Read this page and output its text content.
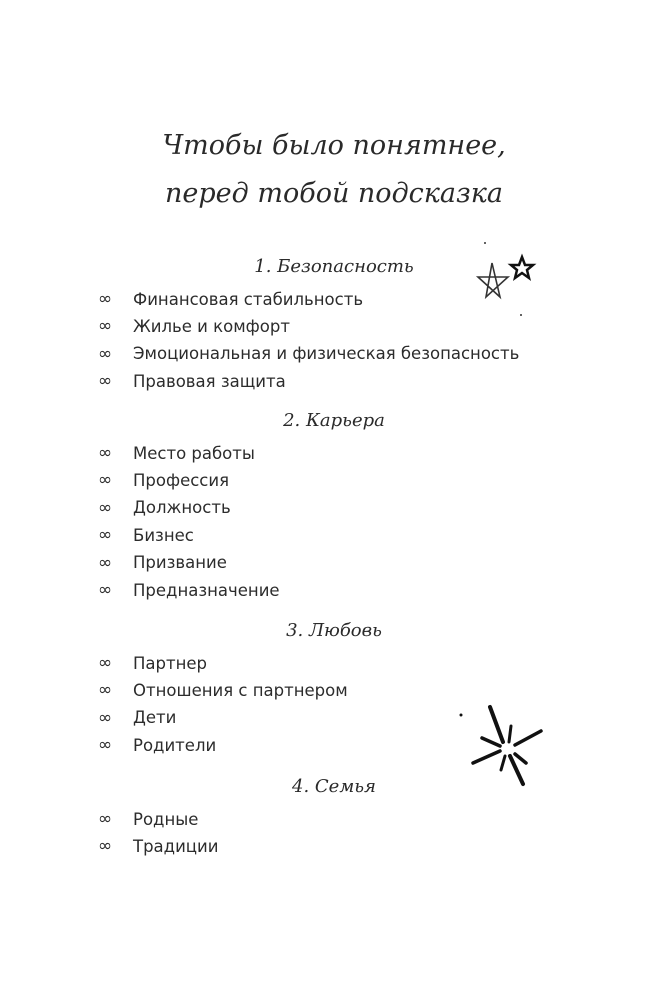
Чтобы было понятнее,
перед тобой подсказка
1. Безопасность
∞	Финансовая стабильность
∞	Жилье и комфорт
∞	Эмоциональная и физическая безопасность
∞	Правовая защита
2. Карьера
∞	Место работы
∞	Профессия
∞	Должность
∞	Бизнес
∞	Призвание
∞	Предназначение
3. Любовь
∞	Партнер
∞	Отношения с партнером
∞	Дети
∞	Родители
4. Семья
∞	Родные
∞	Традиции
